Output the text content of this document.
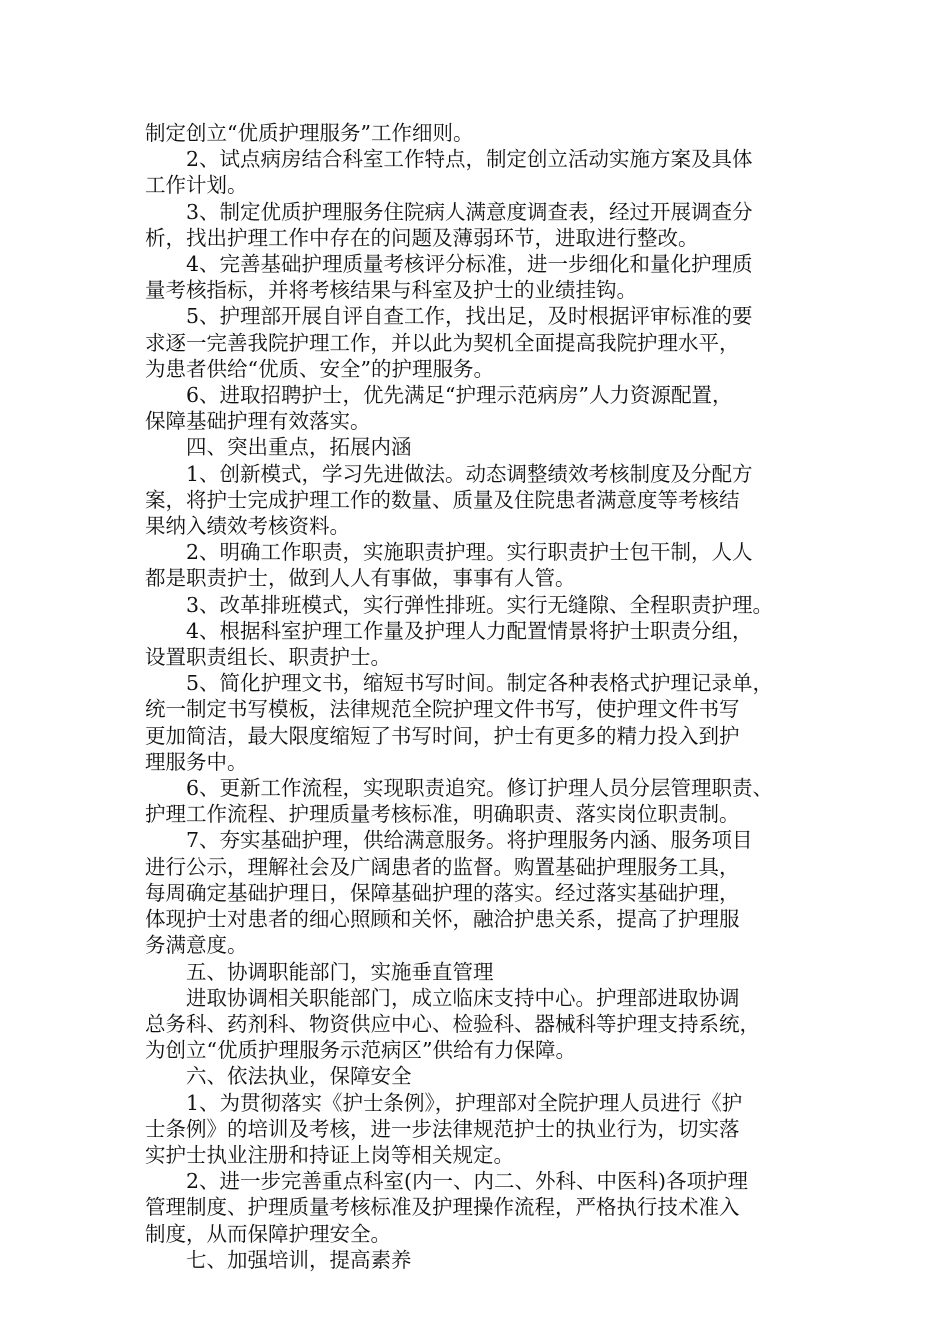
制定创立“优质护理服务”工作细则。
　　2、试点病房结合科室工作特点，制定创立活动实施方案及具体
工作计划。
　　3、制定优质护理服务住院病人满意度调查表，经过开展调查分
析，找出护理工作中存在的问题及薄弱环节，进取进行整改。
　　4、完善基础护理质量考核评分标准，进一步细化和量化护理质
量考核指标，并将考核结果与科室及护士的业绩挂钩。
　　5、护理部开展自评自查工作，找出足，及时根据评审标准的要
求逐一完善我院护理工作，并以此为契机全面提高我院护理水平，
为患者供给“优质、安全”的护理服务。
　　6、进取招聘护士，优先满足“护理示范病房”人力资源配置，
保障基础护理有效落实。
　　四、突出重点，拓展内涵
　　1、创新模式，学习先进做法。动态调整绩效考核制度及分配方
案，将护士完成护理工作的数量、质量及住院患者满意度等考核结
果纳入绩效考核资料。
　　2、明确工作职责，实施职责护理。实行职责护士包干制，人人
都是职责护士，做到人人有事做，事事有人管。
　　3、改革排班模式，实行弹性排班。实行无缝隙、全程职责护理。
　　4、根据科室护理工作量及护理人力配置情景将护士职责分组，
设置职责组长、职责护士。
　　5、简化护理文书，缩短书写时间。制定各种表格式护理记录单，
统一制定书写模板，法律规范全院护理文件书写，使护理文件书写
更加简洁，最大限度缩短了书写时间，护士有更多的精力投入到护
理服务中。
　　6、更新工作流程，实现职责追究。修订护理人员分层管理职责、
护理工作流程、护理质量考核标准，明确职责、落实岗位职责制。
　　7、夯实基础护理，供给满意服务。将护理服务内涵、服务项目
进行公示，理解社会及广阔患者的监督。购置基础护理服务工具，
每周确定基础护理日，保障基础护理的落实。经过落实基础护理，
体现护士对患者的细心照顾和关怀，融洽护患关系，提高了护理服
务满意度。
　　五、协调职能部门，实施垂直管理
　　进取协调相关职能部门，成立临床支持中心。护理部进取协调
总务科、药剂科、物资供应中心、检验科、器械科等护理支持系统，
为创立“优质护理服务示范病区”供给有力保障。
　　六、依法执业，保障安全
　　1、为贯彻落实《护士条例》，护理部对全院护理人员进行《护
士条例》的培训及考核，进一步法律规范护士的执业行为，切实落
实护士执业注册和持证上岗等相关规定。
　　2、进一步完善重点科室(内一、内二、外科、中医科)各项护理
管理制度、护理质量考核标准及护理操作流程，严格执行技术准入
制度，从而保障护理安全。
　　七、加强培训，提高素养
